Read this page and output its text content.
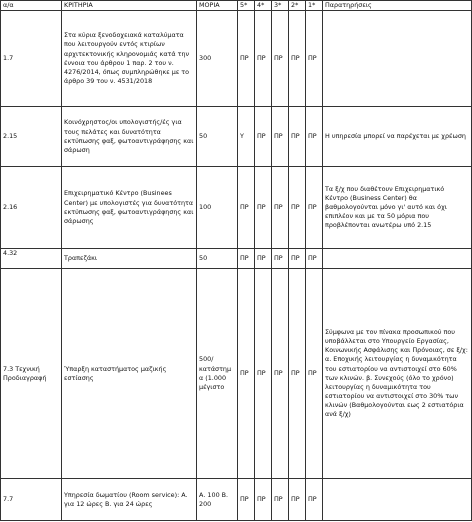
α/α	ΚΡΙΤΗΡΙΑ	ΜΟΡΙΑ	5*	4*	3*	2*	1*	Παρατηρήσεις
1.7	Στα κύρια ξενοδοχειακά καταλύματα που λειτουργούν εντός κτιρίων αρχιτεκτονικής κληρονομιάς κατά την έννοια του άρθρου 1 παρ. 2 του ν. 4276/2014, όπως συμπληρώθηκε με το άρθρο 39 του ν. 4531/2018	300	ΠΡ	ΠΡ	ΠΡ	ΠΡ	ΠΡ	
2.15	Κοινόχρηστος/οι υπολογιστής/ές για τους πελάτες και δυνατότητα εκτύπωσης φαξ, φωτοαντιγράφησης και σάρωση	50	Υ	ΠΡ	ΠΡ	ΠΡ	ΠΡ	Η υπηρεσία μπορεί να παρέχεται με χρέωση
2.16	Επιχειρηματικό Κέντρο (Businees Center) με υπολογιστές για δυνατότητα εκτύπωσης φαξ, φωτοαντιγράφησης και σάρωσης	100	ΠΡ	ΠΡ	ΠΡ	ΠΡ	ΠΡ	Τα ξ/χ που διαθέτουν Επιχειρηματικό Κέντρο (Business Center) θα βαθμολογούνται μόνο γι' αυτό και όχι επιπλέον και με τα 50 μόρια που προβλέπονται ανωτέρω υπό 2.15
4.32	Τραπεζάκι	50	ΠΡ	ΠΡ	ΠΡ	ΠΡ	ΠΡ	
7.3 Τεχνική Προδιαγραφή	Ύπαρξη καταστήματος μαζικής εστίασης	500/ κατάστημα (1.000 μέγιστο	ΠΡ	ΠΡ	ΠΡ	ΠΡ	ΠΡ	Σύμφωνα με τον πίνακα προσωπικού που υποβάλλεται στο Υπουργείο Εργασίας, Κοινωνικής Ασφάλισης και Πρόνοιας, σε ξ/χ: α. Εποχικής λειτουργίας η δυναμικότητα του εστιατορίου να αντιστοιχεί στο 60% των κλινών. β. Συνεχούς (όλο το χρόνο) λειτουργίας η δυναμικότητα του εστιατορίου να αντιστοιχεί στο 30% των κλινών (Βαθμολογούνται εως 2 εστιατόρια ανά ξ/χ)
7.7	Υπηρεσία δωματίου (Room service): Α. για 12 ώρες Β. για 24 ώρες	Α. 100 Β. 200	ΠΡ	ΠΡ	ΠΡ	ΠΡ	ΠΡ	
